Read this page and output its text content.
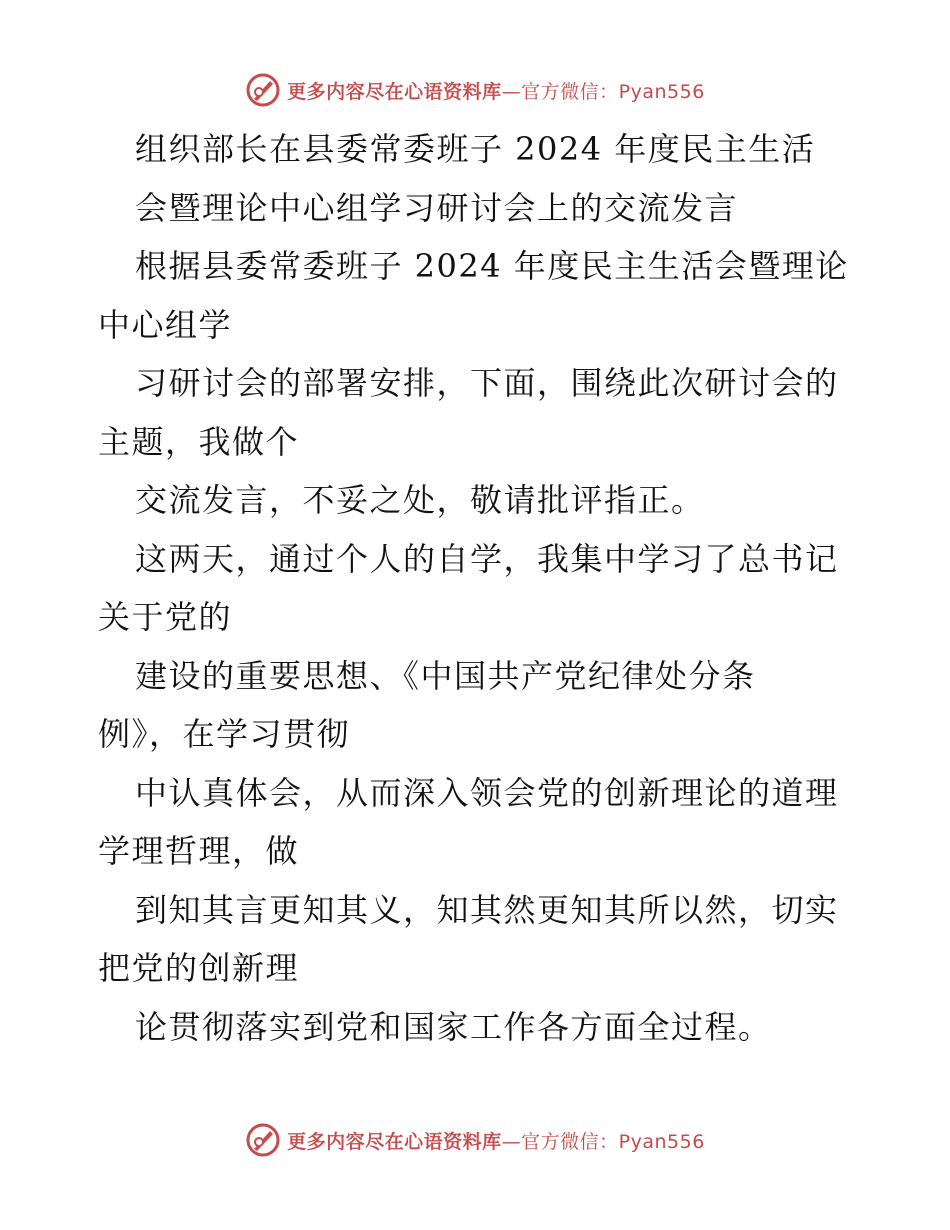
更多内容尽在心语资料库—官方微信：Pyan556
组织部长在县委常委班子 2024 年度民主生活
会暨理论中心组学习研讨会上的交流发言
根据县委常委班子 2024 年度民主生活会暨理论
中心组学
习研讨会的部署安排，下面，围绕此次研讨会的
主题，我做个
交流发言，不妥之处，敬请批评指正。
这两天，通过个人的自学，我集中学习了总书记
关于党的
建设的重要思想、《中国共产党纪律处分条
例》，在学习贯彻
中认真体会，从而深入领会党的创新理论的道理
学理哲理，做
到知其言更知其义，知其然更知其所以然，切实
把党的创新理
论贯彻落实到党和国家工作各方面全过程。
更多内容尽在心语资料库—官方微信：Pyan556
